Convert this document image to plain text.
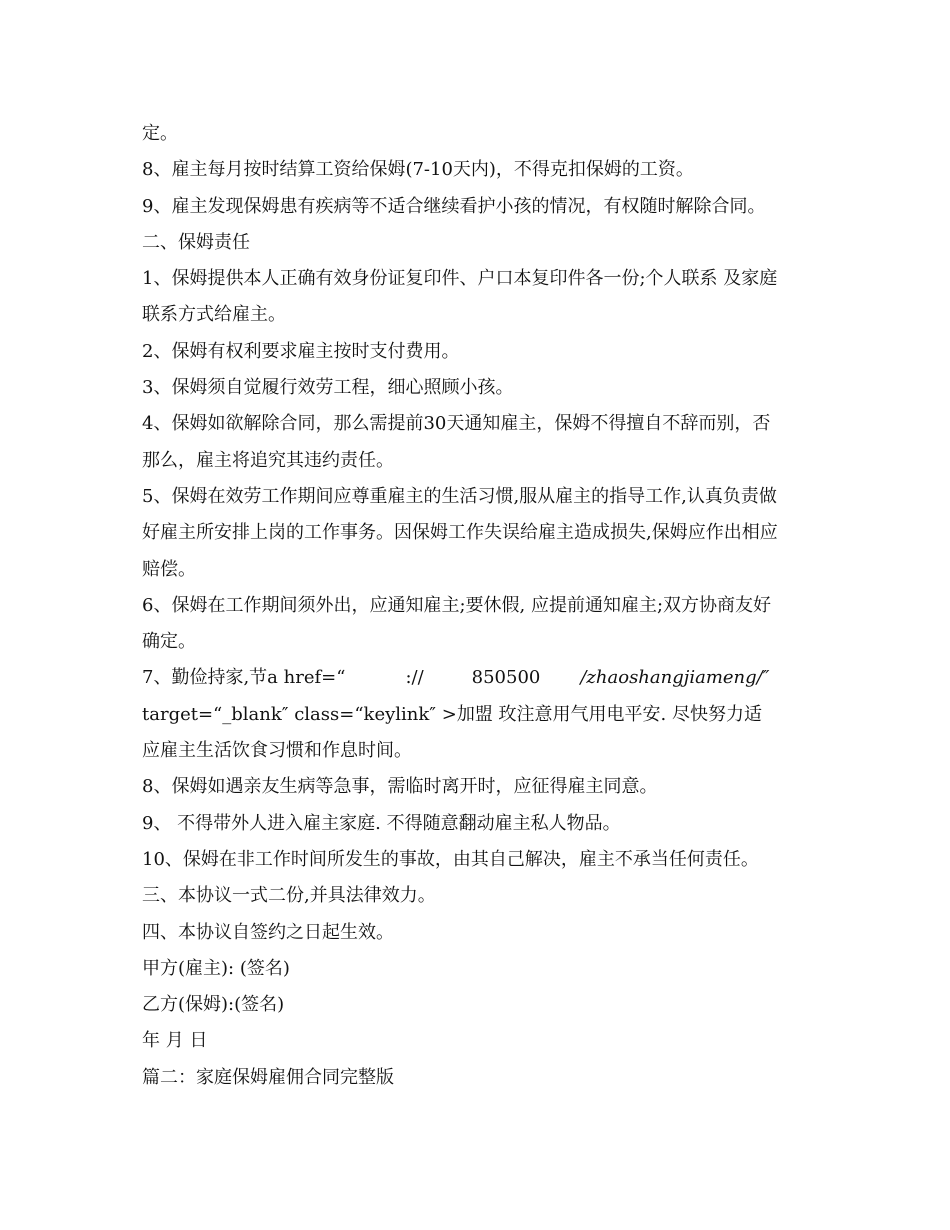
定。
8、雇主每月按时结算工资给保姆(7-10天内)，不得克扣保姆的工资。
9、雇主发现保姆患有疾病等不适合继续看护小孩的情况，有权随时解除合同。
二、保姆责任
1、保姆提供本人正确有效身份证复印件、户口本复印件各一份;个人联系 及家庭
联系方式给雇主。
2、保姆有权利要求雇主按时支付费用。
3、保姆须自觉履行效劳工程，细心照顾小孩。
4、保姆如欲解除合同，那么需提前30天通知雇主，保姆不得擅自不辞而别，否
那么，雇主将追究其违约责任。
5、保姆在效劳工作期间应尊重雇主的生活习惯,服从雇主的指导工作,认真负责做
好雇主所安排上岗的工作事务。因保姆工作失误给雇主造成损失,保姆应作出相应
赔偿。
6、保姆在工作期间须外出，应通知雇主;要休假, 应提前通知雇主;双方协商友好
确定。
7、勤俭持家,节a href=“	://	850500 /zhaoshangjiameng/″
target=“_blank″ class=“keylink″ >加盟 玫注意用气用电平安. 尽快努力适
应雇主生活饮食习惯和作息时间。
8、保姆如遇亲友生病等急事，需临时离开时，应征得雇主同意。
9、 不得带外人进入雇主家庭. 不得随意翻动雇主私人物品。
10、保姆在非工作时间所发生的事故，由其自己解决，雇主不承当任何责任。
三、本协议一式二份,并具法律效力。
四、本协议自签约之日起生效。
甲方(雇主): (签名)
乙方(保姆):(签名)
年 月 日
篇二：家庭保姆雇佣合同完整版
